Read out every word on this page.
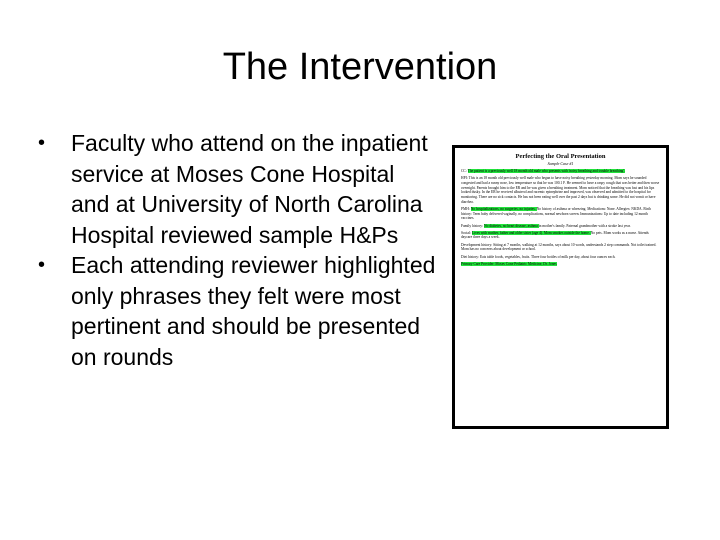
The Intervention
• Faculty who attend on the inpatient service at Moses Cone Hospital and at University of North Carolina Hospital reviewed sample H&Ps
• Each attending reviewer highlighted only phrases they felt were most pertinent and should be presented on rounds
Perfecting the Oral Presentation
Sample Case #1
CC: The patient is a previously well 18 month old male who presents with 'noisy breathing and trouble breathing'.
HPI: This is an 18 month old previously well male who began to have noisy breathing yesterday morning. Mom says he sounded congested and had a runny nose, low temperature so that he was 100.1 F. He seemed to have a raspy cough that was better and then worse overnight. Parents brought him to the ER and he was given a breathing treatment. Mom noticed that the breathing was fast and his lips looked dusky. In the ER he received albuterol and racemic epinephrine and improved, was observed and admitted to the hospital for monitoring. There are no sick contacts. He has not been eating well over the past 2 days but is drinking some. He did not vomit or have diarrhea.
PMH: No hospitalizations, no surgeries, no injuries. No history of asthma or wheezing. Medications: None. Allergies: NKDA. Birth history: Term baby delivered vaginally, no complications, normal newborn screen. Immunizations: Up to date including 12 month vaccines.
Family history: No diabetes, no heart disease, asthma in mother's family. Paternal grandmother with a stroke last year.
Social: Lives with mother, father and older sister (age 4). Mom smokes outside the home. No pets. Mom works as a nurse. Attends daycare three days a week.
Development history: Sitting at 7 months, walking at 12 months, says about 10 words, understands 2 step commands. Not toilet trained. Mom has no concerns about development or school.
Diet history: Eats table foods, vegetables, fruits. Three four bottles of milk per day, about four ounces each.
Primary Care Provider: Moses Cone Pediatric Medicine, Dr. Jones
